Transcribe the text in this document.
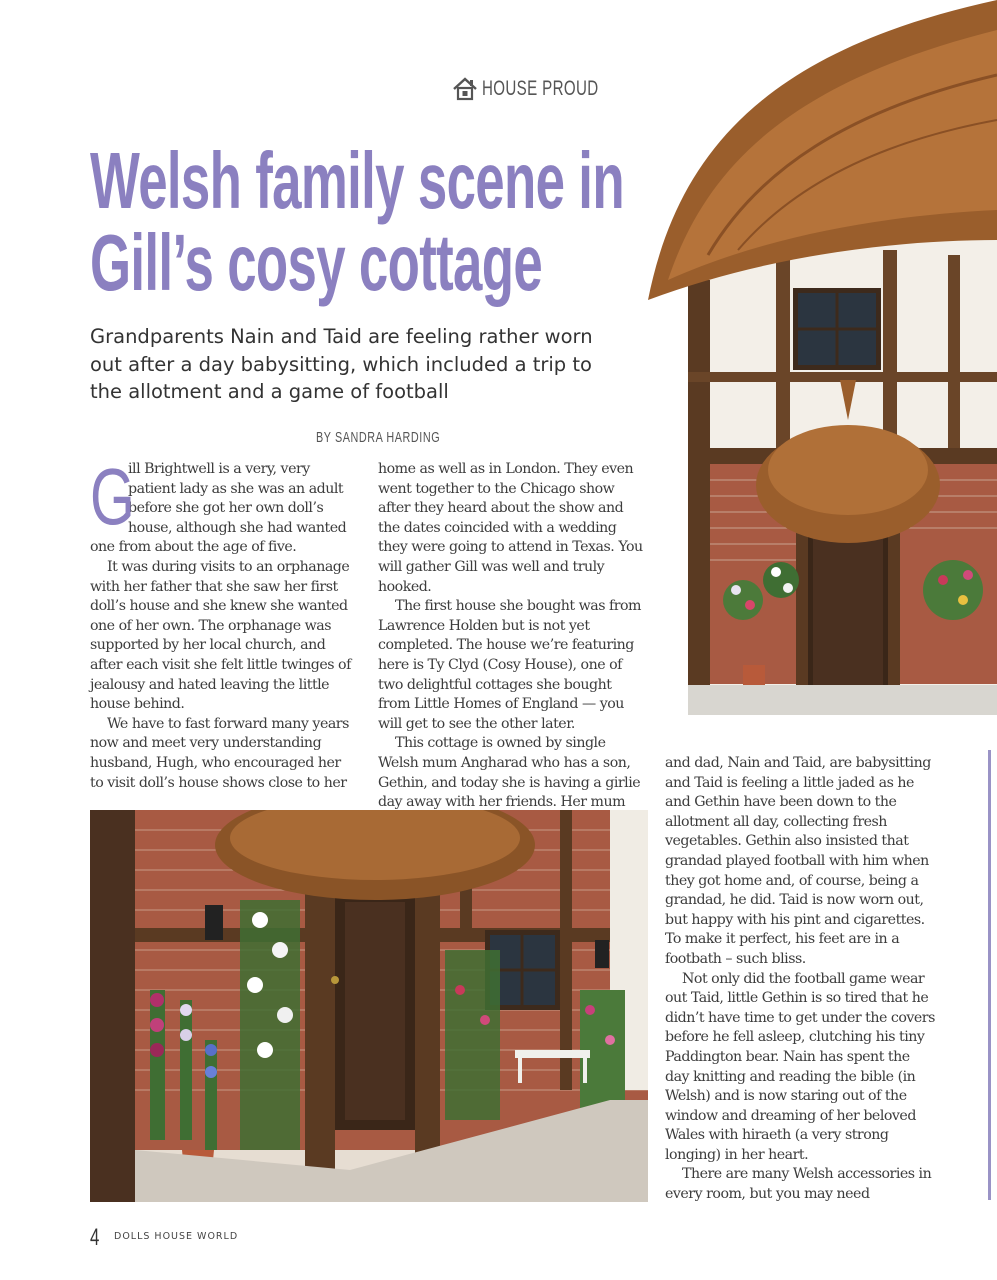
HOUSE PROUD
Welsh family scene in
Gill’s cosy cottage

Grandparents Nain and Taid are feeling rather worn out after a day babysitting, which included a trip to the allotment and a game of football

BY SANDRA HARDING

G
ill Brightwell is a very, very patient lady as she was an adult before she got her own doll’s house, although she had wanted one from about the age of five.

It was during visits to an orphanage with her father that she saw her first doll’s house and she knew she wanted one of her own. The orphanage was supported by her local church, and after each visit she felt little twinges of jealousy and hated leaving the little house behind.

We have to fast forward many years now and meet very understanding husband, Hugh, who encouraged her to visit doll’s house shows close to her

home as well as in London. They even went together to the Chicago show after they heard about the show and the dates coincided with a wedding they were going to attend in Texas. You will gather Gill was well and truly hooked.

The first house she bought was from Lawrence Holden but is not yet completed. The house we’re featuring here is Ty Clyd (Cosy House), one of two delightful cottages she bought from Little Homes of England — you will get to see the other later.

This cottage is owned by single Welsh mum Angharad who has a son, Gethin, and today she is having a girlie day away with her friends. Her mum

and dad, Nain and Taid, are babysitting and Taid is feeling a little jaded as he and Gethin have been down to the allotment all day, collecting fresh vegetables. Gethin also insisted that grandad played football with him when they got home and, of course, being a grandad, he did. Taid is now worn out, but happy with his pint and cigarettes. To make it perfect, his feet are in a footbath – such bliss.

Not only did the football game wear out Taid, little Gethin is so tired that he didn’t have time to get under the covers before he fell asleep, clutching his tiny Paddington bear. Nain has spent the day knitting and reading the bible (in Welsh) and is now staring out of the window and dreaming of her beloved Wales with hiraeth (a very strong longing) in her heart.

There are many Welsh accessories in every room, but you may need

4 DOLLS HOUSE WORLD
